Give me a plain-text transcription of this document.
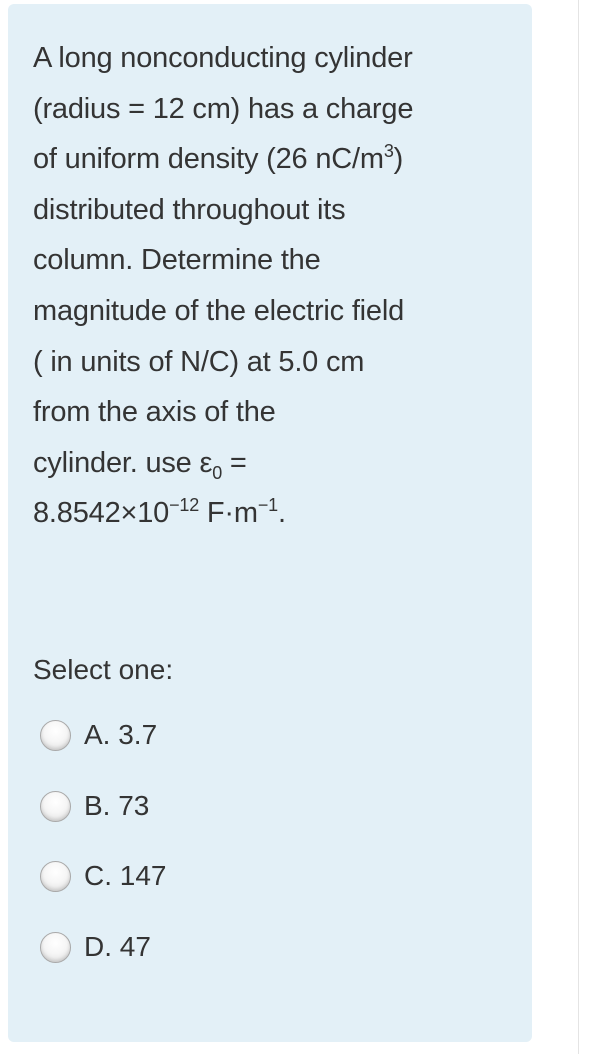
A long nonconducting cylinder
(radius = 12 cm) has a charge
of uniform density (26 $nC/m^3$)
distributed throughout its
column. Determine the
magnitude of the electric field
( in units of N/C) at 5.0 cm
from the axis of the
cylinder. use $\varepsilon_0$ =
$8.8542\times 10^{-12}$ $F\cdot m^{-1}$.
Select one:
A. 3.7
B. 73
C. 147
D. 47
